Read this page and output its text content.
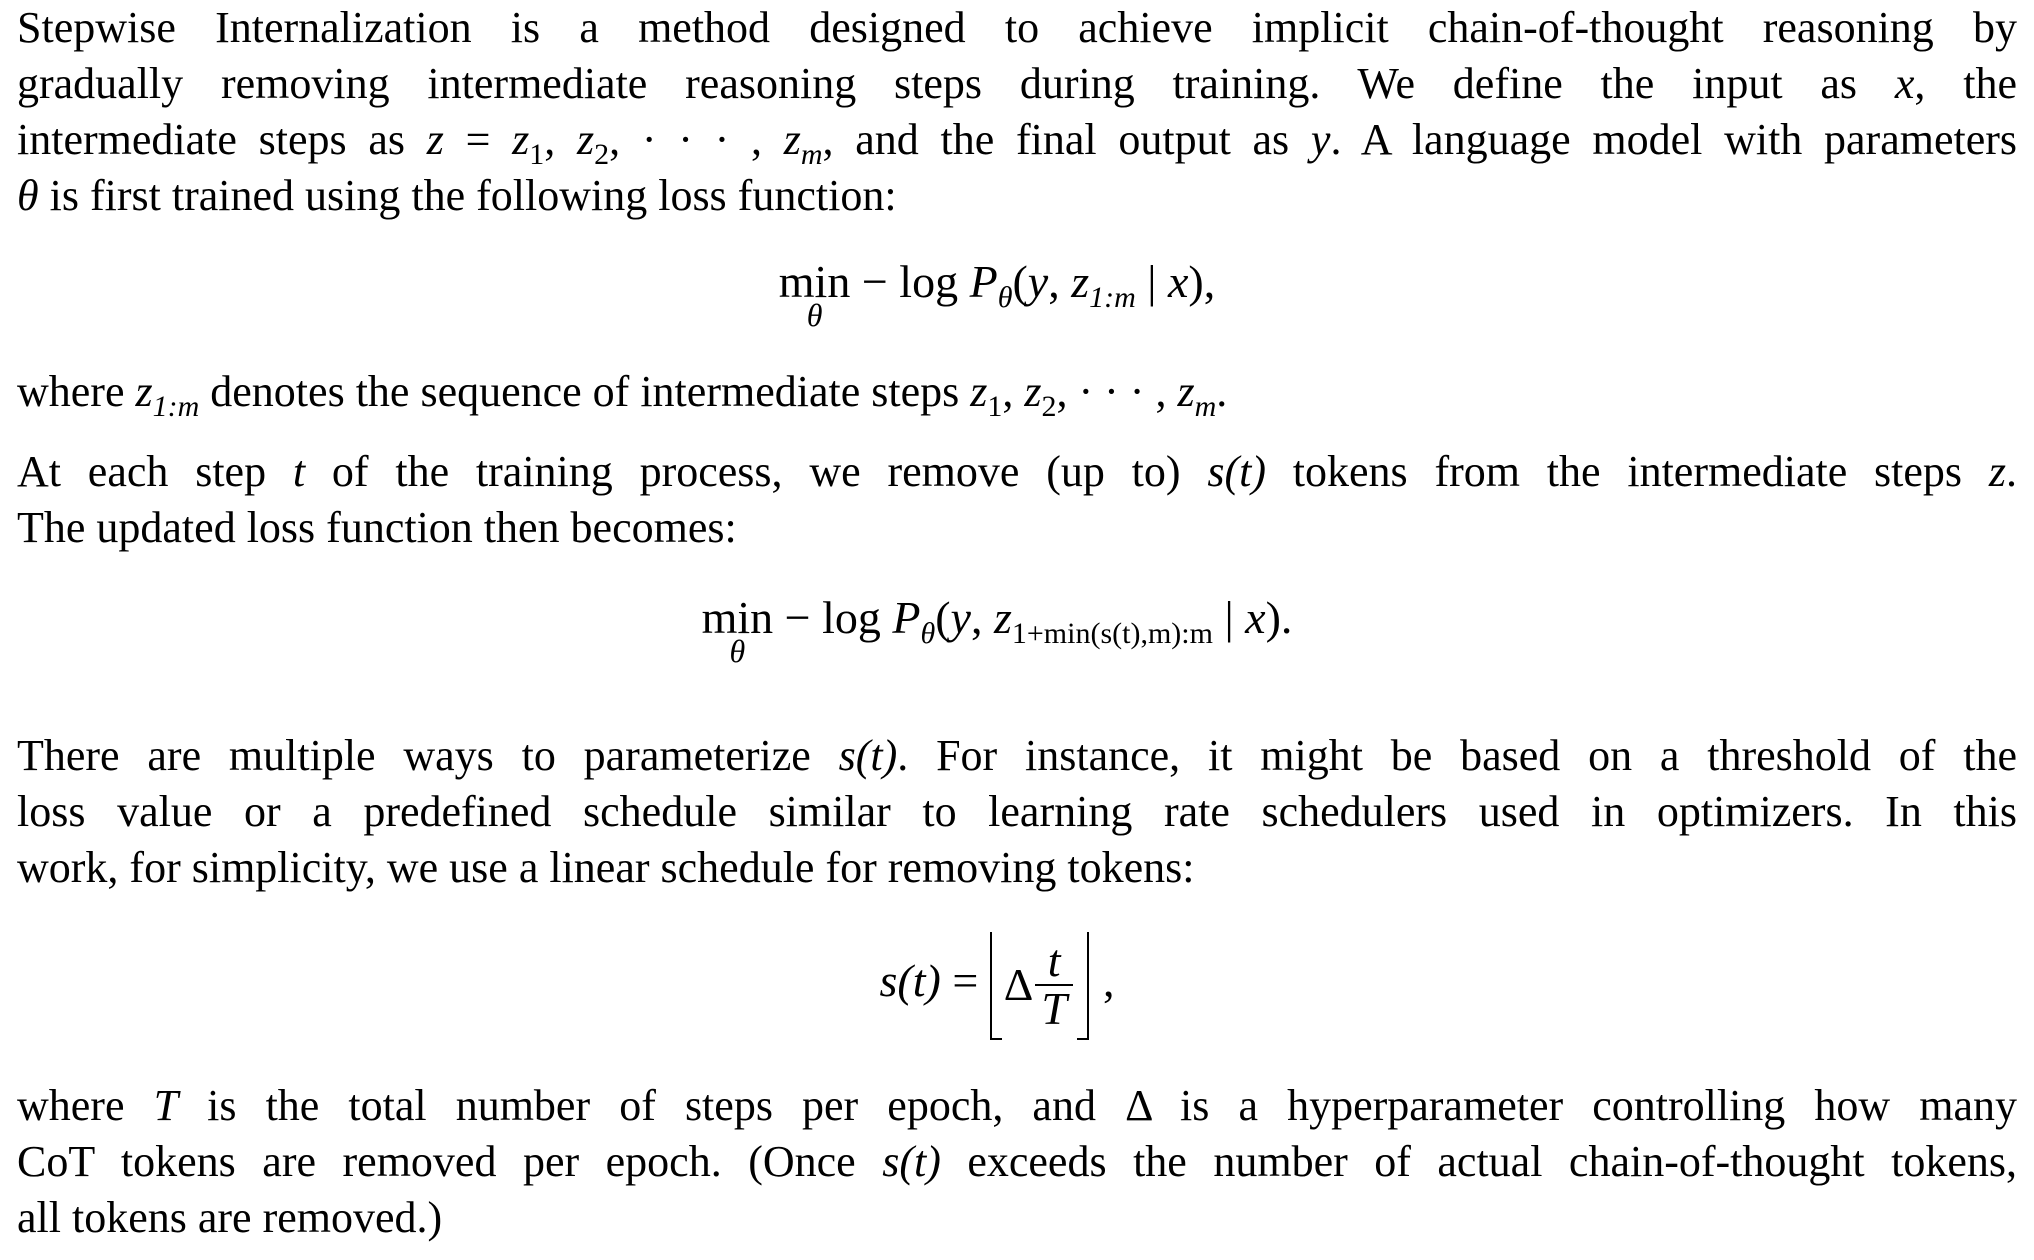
Stepwise Internalization is a method designed to achieve implicit chain-of-thought reasoning by
gradually removing intermediate reasoning steps during training. We define the input as x, the
intermediate steps as $z = z_1$, $z_2$, · · · , $z_m$, and the final output as y. A language model with parameters
θ is first trained using the following loss function:
min
θ
− $\log P_\theta(y$, $z_{1:m}$ | x),
where $z_{1:m}$ denotes the sequence of intermediate steps $z_1$, $z_2$, · · · , $z_m$.
At each step t of the training process, we remove (up to) s(t) tokens from the intermediate steps z.
The updated loss function then becomes:
min
θ
− $\log P_\theta(y$, $z_{1+min(s(t),m):m}$ | x).
There are multiple ways to parameterize s(t). For instance, it might be based on a threshold of the
loss value or a predefined schedule similar to learning rate schedulers used in optimizers. In this
work, for simplicity, we use a linear schedule for removing tokens:
s(t) = Δ $\frac{t}{T}$ ,
where T is the total number of steps per epoch, and Δ is a hyperparameter controlling how many
CoT tokens are removed per epoch. (Once s(t) exceeds the number of actual chain-of-thought tokens,
all tokens are removed.)
